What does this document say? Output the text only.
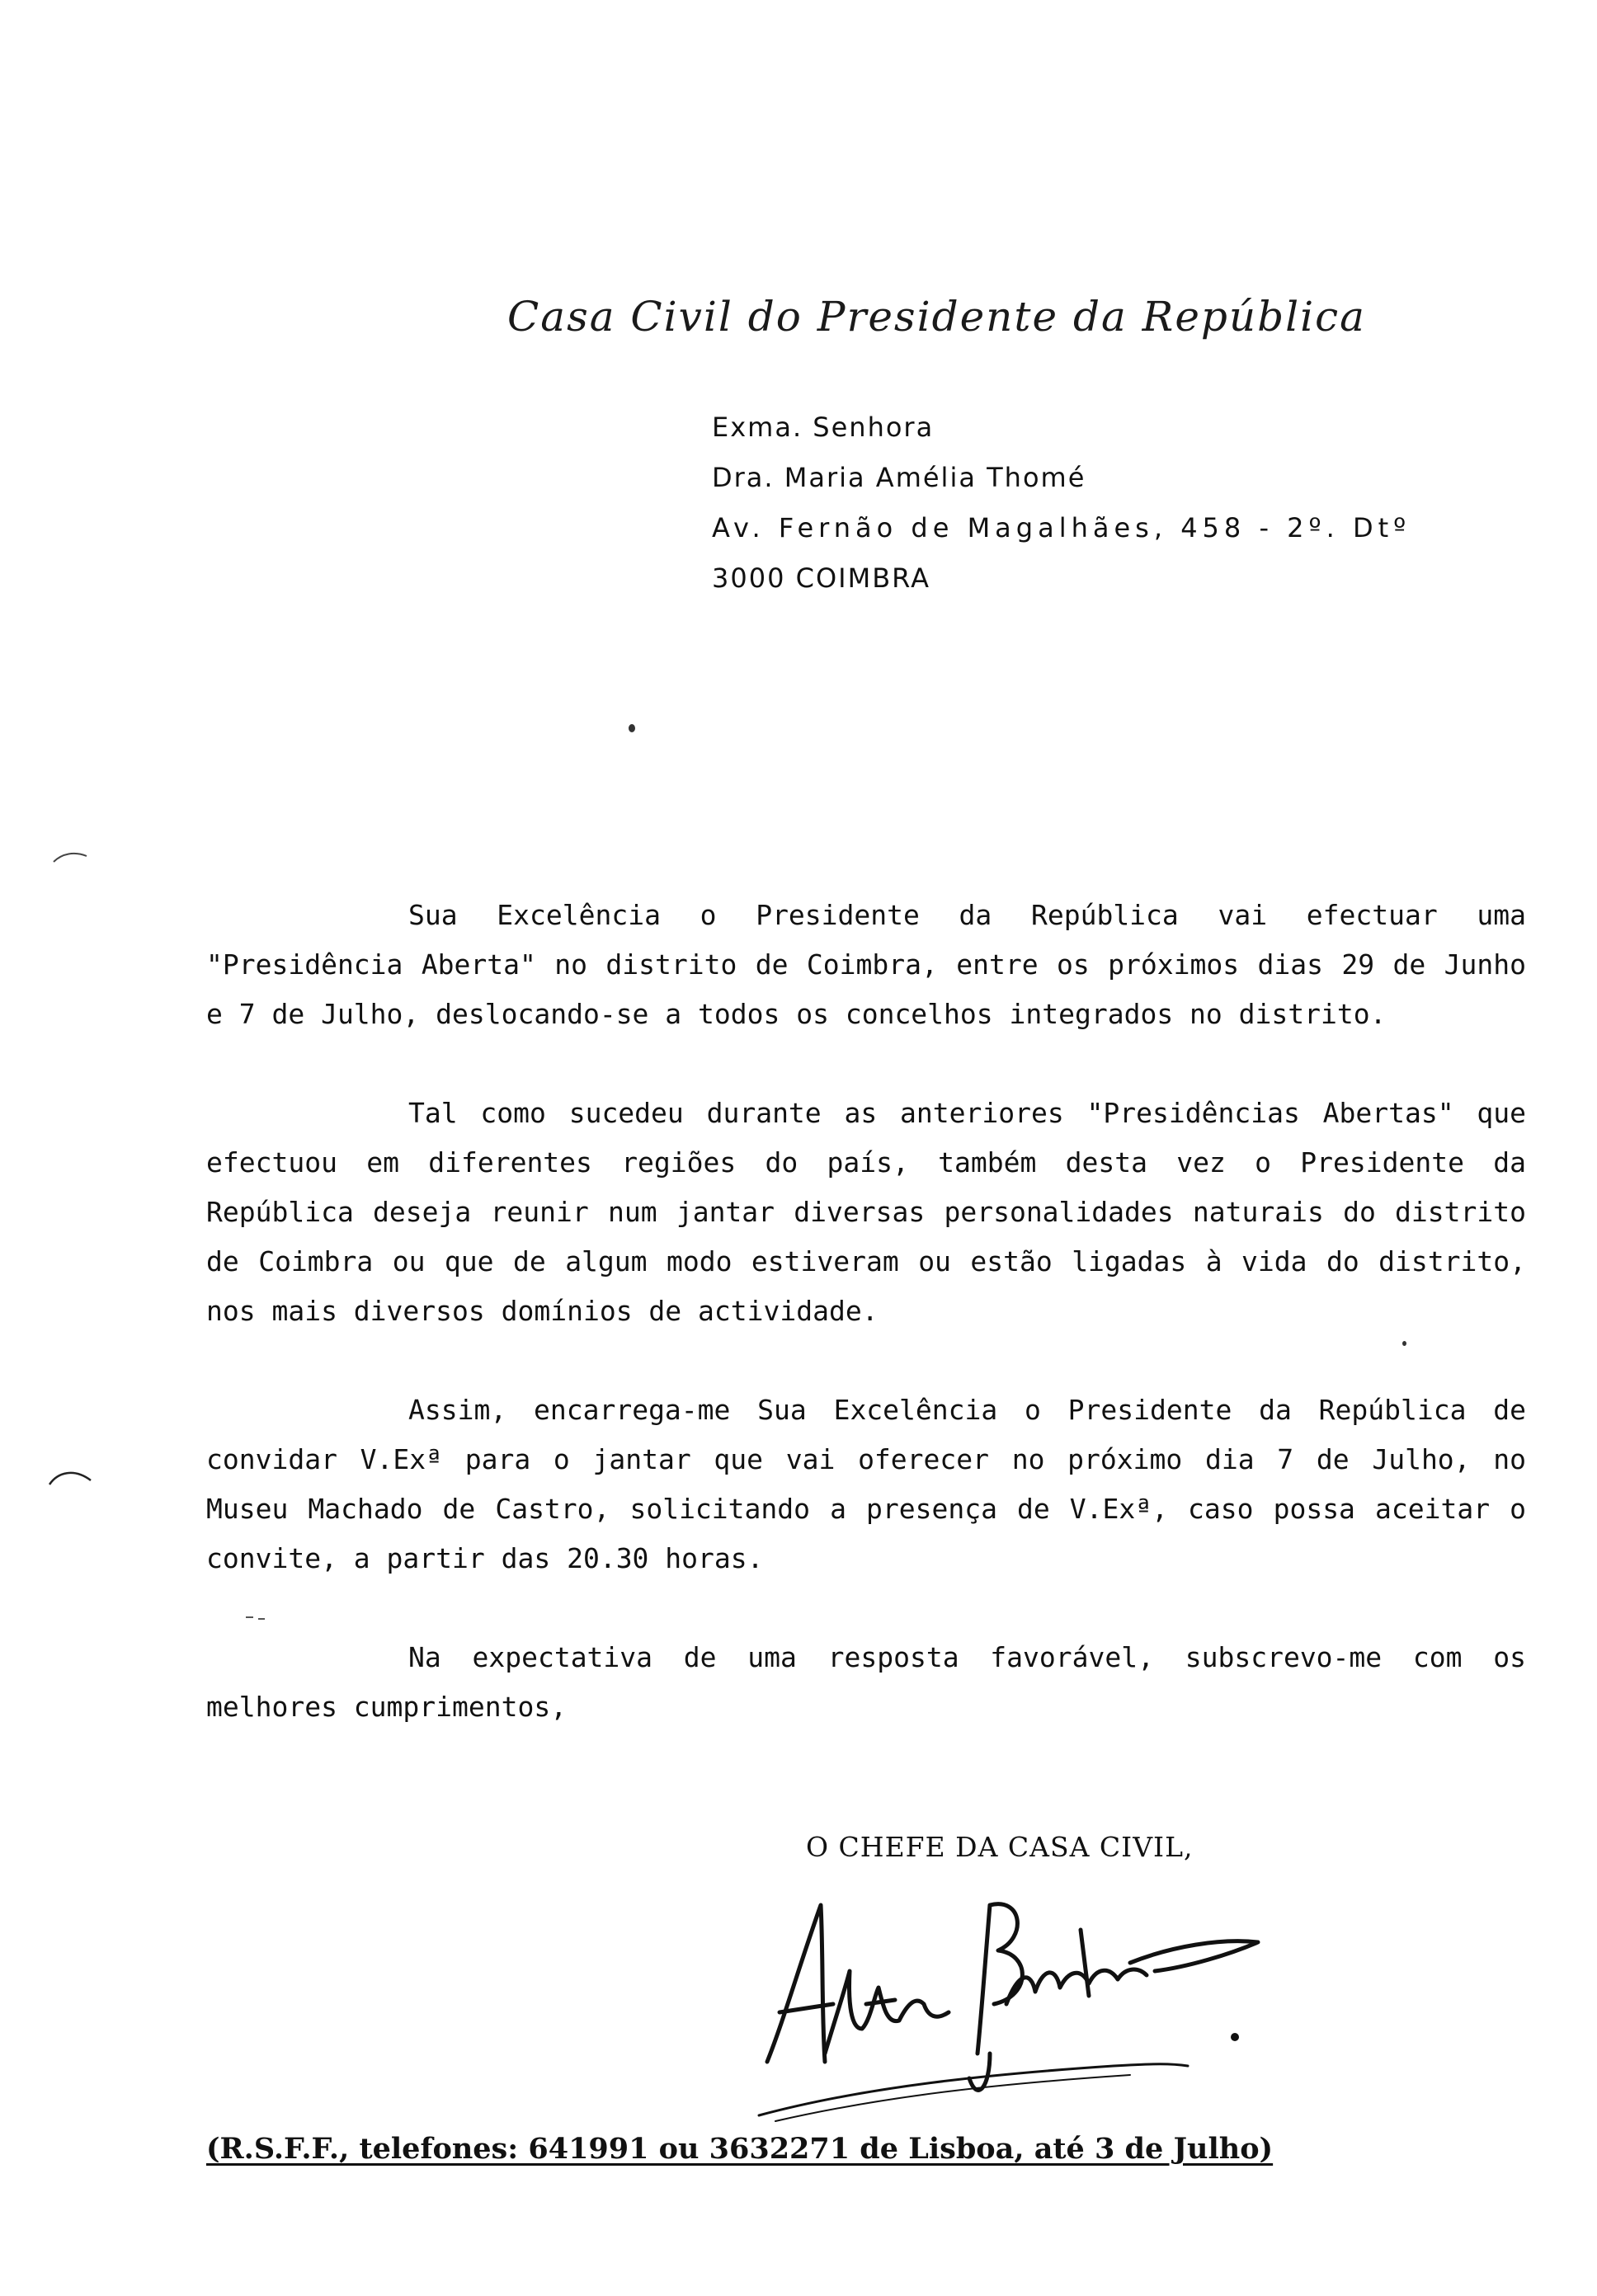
Casa Civil do Presidente da República
Exma. Senhora
Dra. Maria Amélia Thomé
Av. Fernão de Magalhães, 458 - 2º. Dtº
3000 COIMBRA

Sua Excelência o Presidente da República vai efectuar uma "Presidência Aberta" no distrito de Coimbra, entre os próximos dias 29 de Junho e 7 de Julho, deslocando-se a todos os concelhos integrados no distrito.

Tal como sucedeu durante as anteriores "Presidências Abertas" que efectuou em diferentes regiões do país, também desta vez o Presidente da República deseja reunir num jantar diversas personalidades naturais do distrito de Coimbra ou que de algum modo estiveram ou estão ligadas à vida do distrito, nos mais diversos domínios de actividade.

Assim, encarrega-me Sua Excelência o Presidente da República de convidar V.Exª para o jantar que vai oferecer no próximo dia 7 de Julho, no Museu Machado de Castro, solicitando a presença de V.Exª, caso possa aceitar o convite, a partir das 20.30 horas.

Na expectativa de uma resposta favorável, subscrevo-me com os melhores cumprimentos,

O CHEFE DA CASA CIVIL,
(R.S.F.F., telefones: 641991 ou 3632271 de Lisboa, até 3 de Julho)
